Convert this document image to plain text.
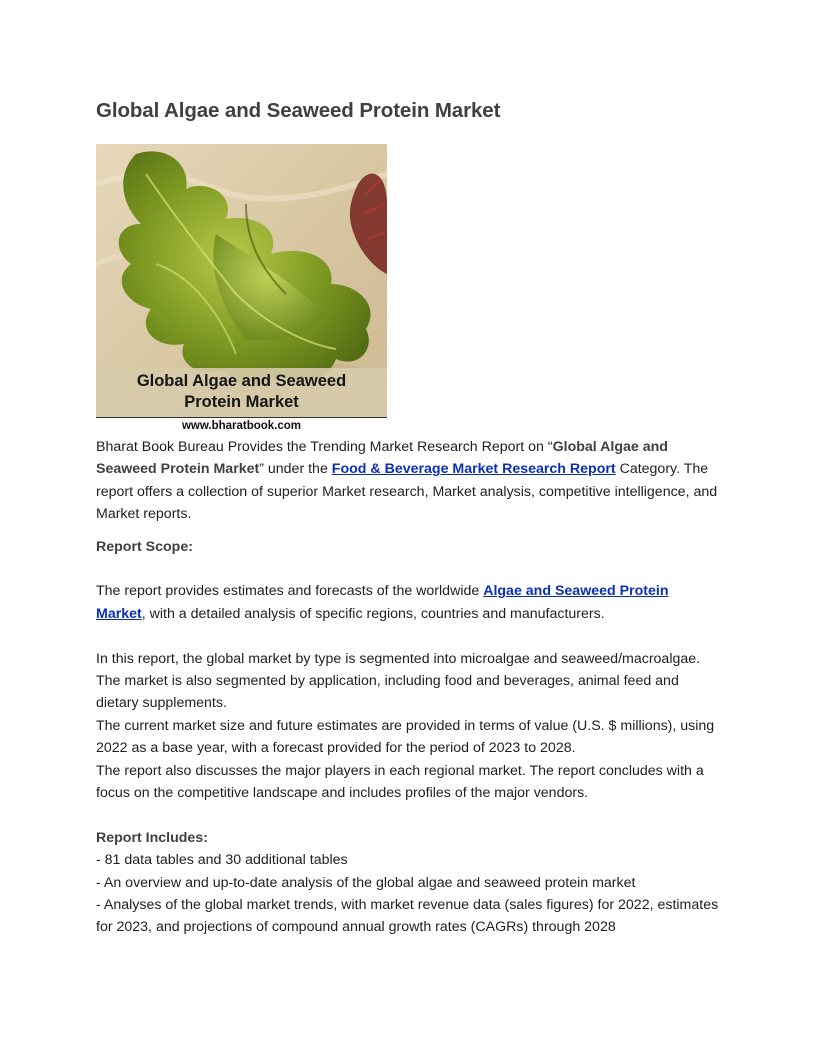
Global Algae and Seaweed Protein Market
Global Algae and Seaweed
Protein Market
www.bharatbook.com

Bharat Book Bureau Provides the Trending Market Research Report on “Global Algae and Seaweed Protein Market” under the Food & Beverage Market Research Report Category. The report offers a collection of superior Market research, Market analysis, competitive intelligence, and Market reports.

Report Scope:

The report provides estimates and forecasts of the worldwide Algae and Seaweed Protein Market, with a detailed analysis of specific regions, countries and manufacturers.

In this report, the global market by type is segmented into microalgae and seaweed/macroalgae. The market is also segmented by application, including food and beverages, animal feed and dietary supplements.

The current market size and future estimates are provided in terms of value (U.S. $ millions), using 2022 as a base year, with a forecast provided for the period of 2023 to 2028.

The report also discusses the major players in each regional market. The report concludes with a focus on the competitive landscape and includes profiles of the major vendors.

Report Includes:

- 81 data tables and 30 additional tables
- An overview and up-to-date analysis of the global algae and seaweed protein market
- Analyses of the global market trends, with market revenue data (sales figures) for 2022, estimates for 2023, and projections of compound annual growth rates (CAGRs) through 2028
